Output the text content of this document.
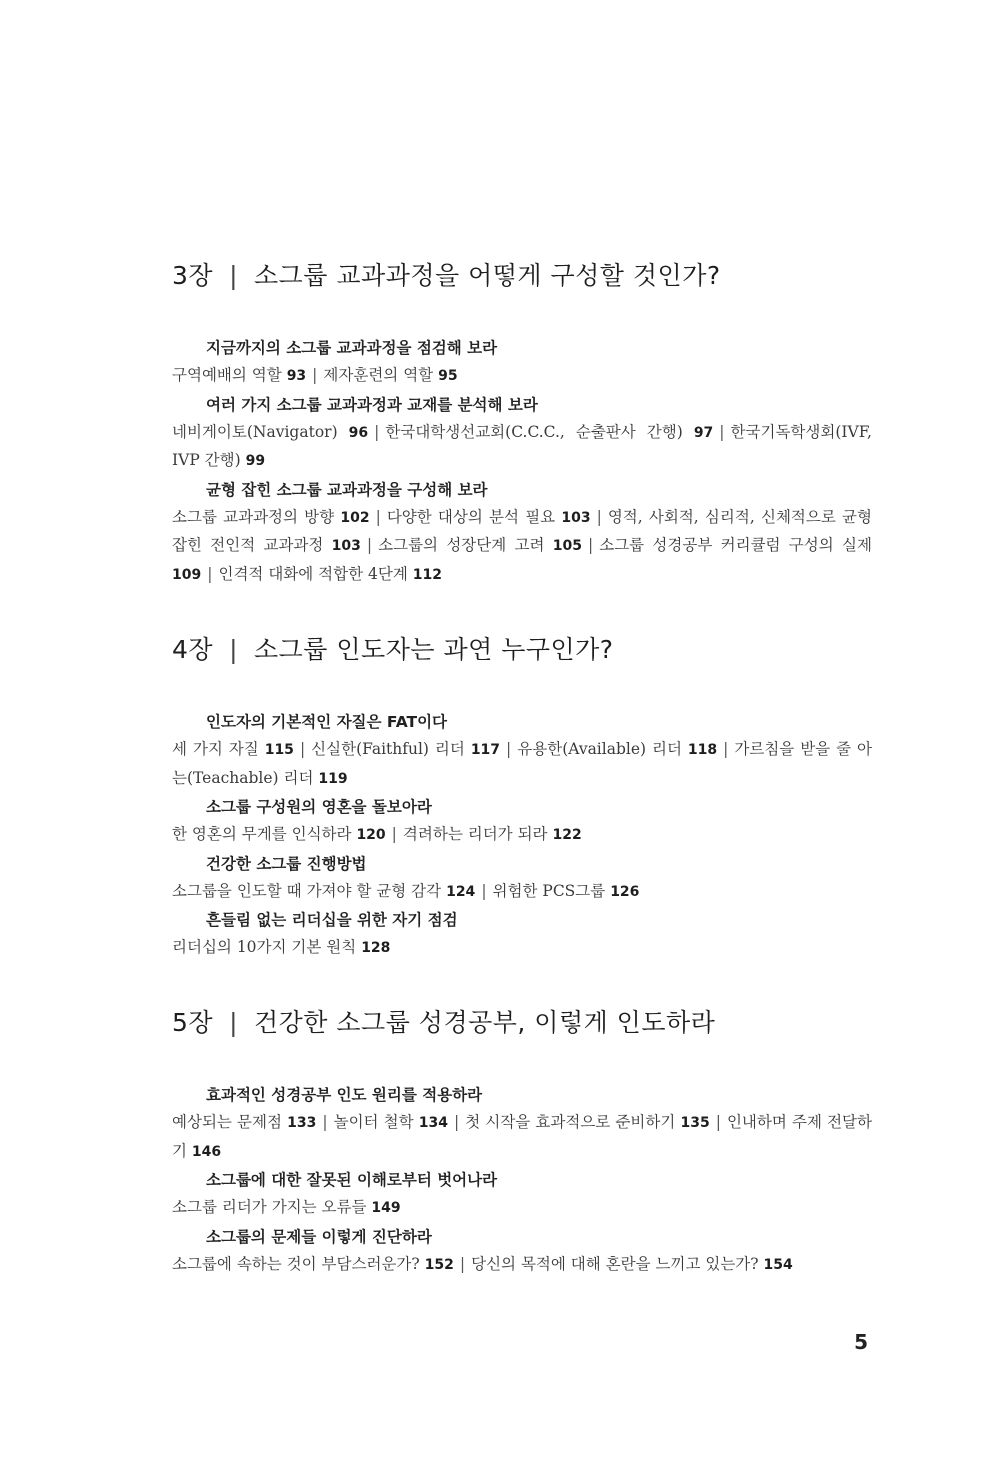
3장 | 소그룹 교과과정을 어떻게 구성할 것인가?
지금까지의 소그룹 교과과정을 점검해 보라

구역예배의 역할 93 | 제자훈련의 역할 95

여러 가지 소그룹 교과과정과 교재를 분석해 보라

네비게이토(Navigator) 96 | 한국대학생선교회(C.C.C., 순출판사 간행) 97 | 한국기독학생회(IVF, IVP 간행) 99

균형 잡힌 소그룹 교과과정을 구성해 보라

소그룹 교과과정의 방향 102 | 다양한 대상의 분석 필요 103 | 영적, 사회적, 심리적, 신체적으로 균형잡힌 전인적 교과과정 103 | 소그룹의 성장단계 고려 105 | 소그룹 성경공부 커리큘럼 구성의 실제 109 | 인격적 대화에 적합한 4단계 112

4장 | 소그룹 인도자는 과연 누구인가?
인도자의 기본적인 자질은 FAT이다

세 가지 자질 115 | 신실한(Faithful) 리더 117 | 유용한(Available) 리더 118 | 가르침을 받을 줄 아는(Teachable) 리더 119

소그룹 구성원의 영혼을 돌보아라

한 영혼의 무게를 인식하라 120 | 격려하는 리더가 되라 122

건강한 소그룹 진행방법

소그룹을 인도할 때 가져야 할 균형 감각 124 | 위험한 PCS그룹 126

흔들림 없는 리더십을 위한 자기 점검

리더십의 10가지 기본 원칙 128

5장 | 건강한 소그룹 성경공부, 이렇게 인도하라
효과적인 성경공부 인도 원리를 적용하라

예상되는 문제점 133 | 놀이터 철학 134 | 첫 시작을 효과적으로 준비하기 135 | 인내하며 주제 전달하기 146

소그룹에 대한 잘못된 이해로부터 벗어나라

소그룹 리더가 가지는 오류들 149

소그룹의 문제들 이렇게 진단하라

소그룹에 속하는 것이 부담스러운가? 152 | 당신의 목적에 대해 혼란을 느끼고 있는가? 154

5
